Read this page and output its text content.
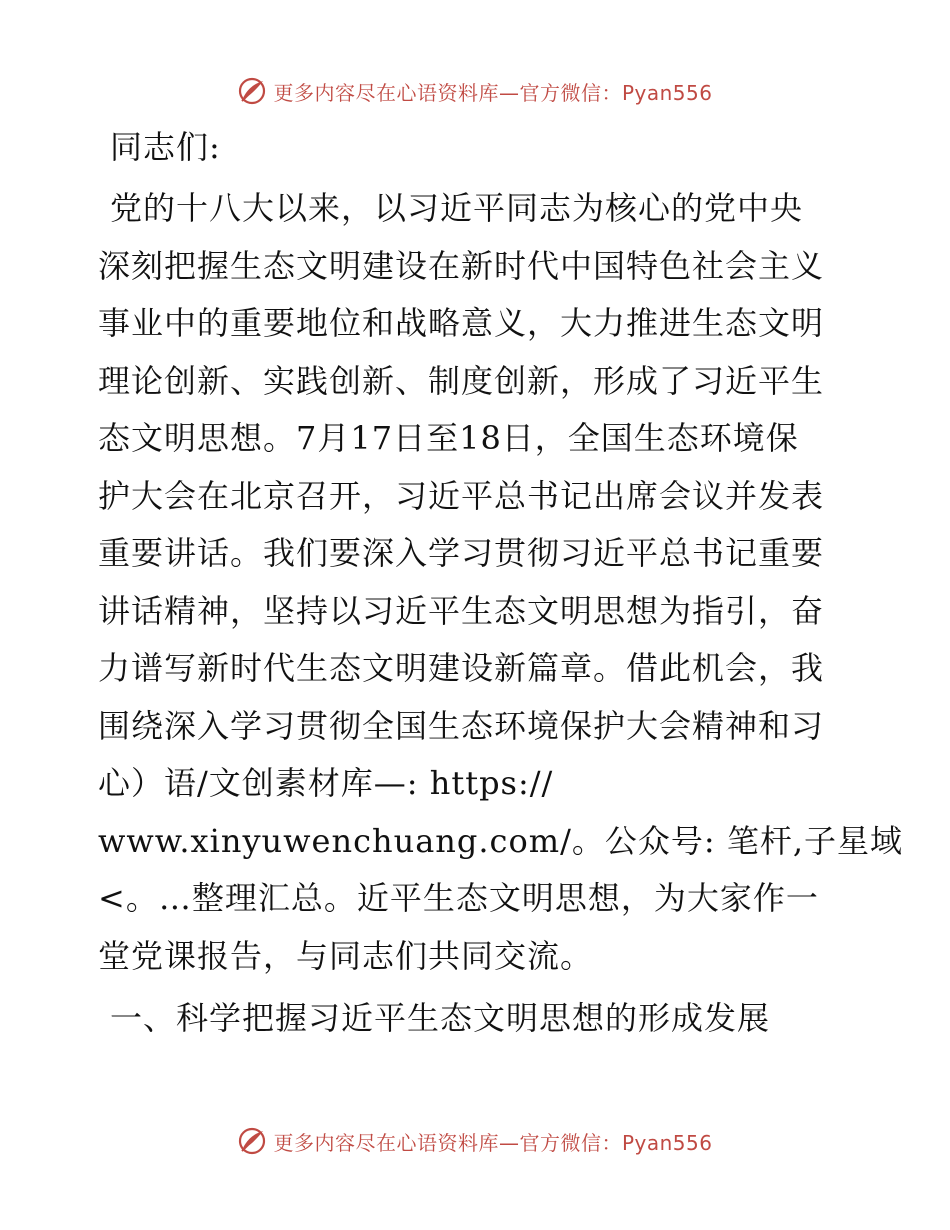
更多内容尽在心语资料库—官方微信：Pyan556

同志们:

党的十八大以来，以习近平同志为核心的党中央
深刻把握生态文明建设在新时代中国特色社会主义
事业中的重要地位和战略意义，大力推进生态文明
理论创新、实践创新、制度创新，形成了习近平生
态文明思想。7月17日至18日，全国生态环境保
护大会在北京召开，习近平总书记出席会议并发表
重要讲话。我们要深入学习贯彻习近平总书记重要
讲话精神，坚持以习近平生态文明思想为指引，奋
力谱写新时代生态文明建设新篇章。借此机会，我
围绕深入学习贯彻全国生态环境保护大会精神和习
心）语/文创素材库—: https://
www.xinyuwenchuang.com/。公众号: 笔杆,子星域
<。…整理汇总。近平生态文明思想，为大家作一
堂党课报告，与同志们共同交流。

一、科学把握习近平生态文明思想的形成发展

更多内容尽在心语资料库—官方微信：Pyan556
